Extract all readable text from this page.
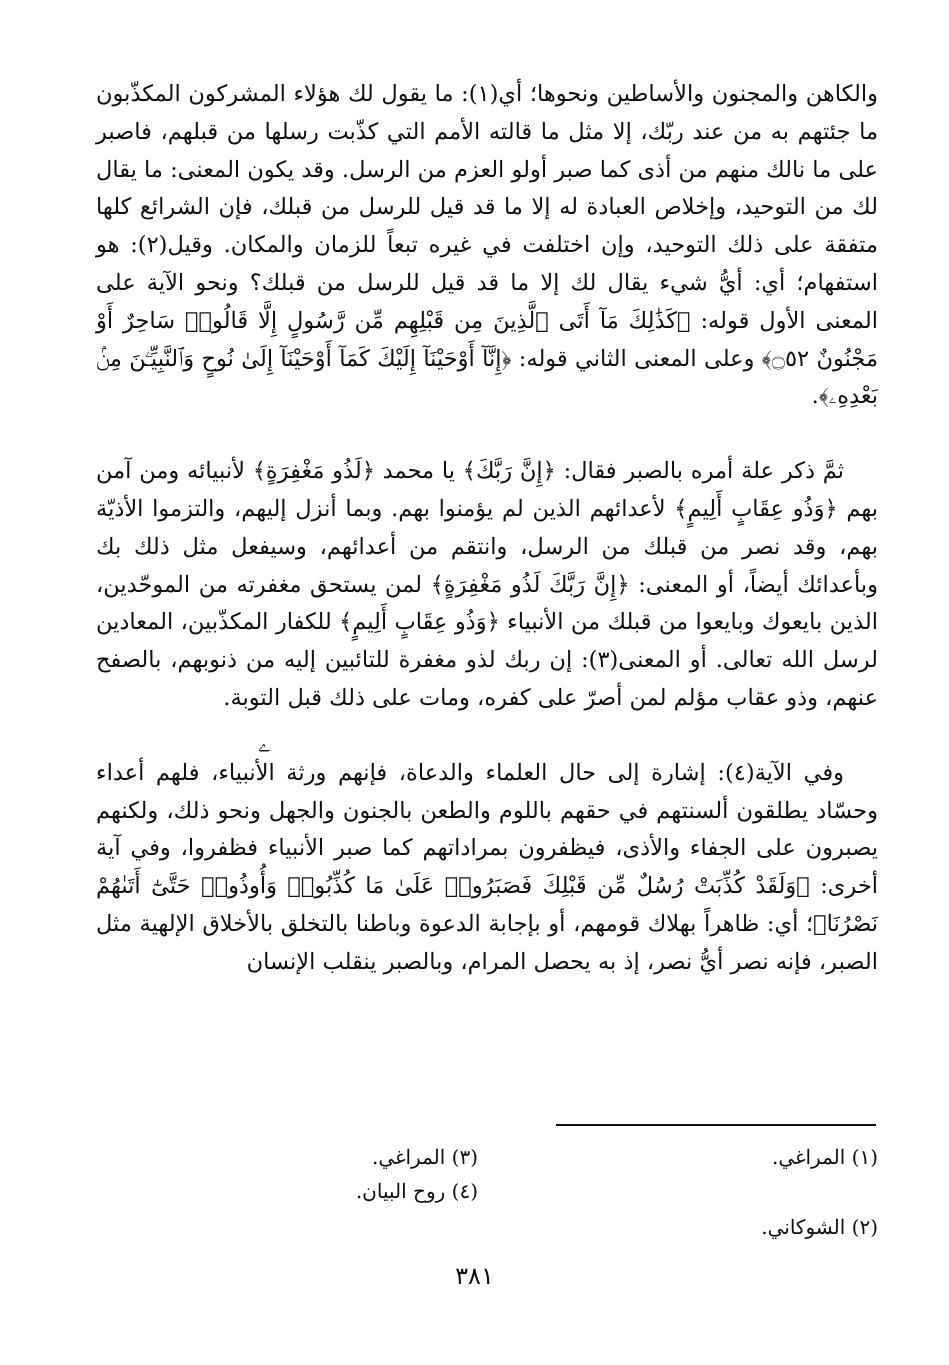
والكاهن والمجنون والأساطين ونحوها؛ أي(١): ما يقول لك هؤلاء المشركون المكذّبون ما جئتهم به من عند ربّك، إلا مثل ما قالته الأمم التي كذّبت رسلها من قبلهم، فاصبر على ما نالك منهم من أذى كما صبر أولو العزم من الرسل. وقد يكون المعنى: ما يقال لك من التوحيد، وإخلاص العبادة له إلا ما قد قيل للرسل من قبلك، فإن الشرائع كلها متفقة على ذلك التوحيد، وإن اختلفت في غيره تبعاً للزمان والمكان. وقيل(٢): هو استفهام؛ أي: أيُّ شيء يقال لك إلا ما قد قيل للرسل من قبلك؟ ونحو الآية على المعنى الأول قوله: ﴿كَذَٰلِكَ مَآ أَتَى ٱلَّذِينَ مِن قَبْلِهِم مِّن رَّسُولٍ إِلَّا قَالُوا۟ سَاحِرٌ أَوْ مَجْنُونٌ ۝٥٢﴾ وعلى المعنى الثاني قوله: ﴿إِنَّآ أَوْحَيْنَآ إِلَيْكَ كَمَآ أَوْحَيْنَآ إِلَىٰ نُوحٍ وَٱلنَّبِيِّـۧنَ مِنۢ بَعْدِهِۦ﴾.

ثمَّ ذكر علة أمره بالصبر فقال: ﴿إِنَّ رَبَّكَ﴾ يا محمد ﴿لَذُو مَغْفِرَةٍ﴾ لأنبيائه ومن آمن بهم ﴿وَذُو عِقَابٍ أَلِيمٍ﴾ لأعدائهم الذين لم يؤمنوا بهم. وبما أنزل إليهم، والتزموا الأذيّة بهم، وقد نصر من قبلك من الرسل، وانتقم من أعدائهم، وسيفعل مثل ذلك بك وبأعدائك أيضاً، أو المعنى: ﴿إِنَّ رَبَّكَ لَذُو مَغْفِرَةٍ﴾ لمن يستحق مغفرته من الموحّدين، الذين بايعوك وبايعوا من قبلك من الأنبياء ﴿وَذُو عِقَابٍ أَلِيمٍ﴾ للكفار المكذّبين، المعادين لرسل الله تعالى. أو المعنى(٣): إن ربك لذو مغفرة للتائبين إليه من ذنوبهم، بالصفح عنهم، وذو عقاب مؤلم لمن أصرّ على كفره، ومات على ذلك قبل التوبة.

وفي الآية(٤): إشارة إلى حال العلماء والدعاة، فإنهم ورثة الأنبياء، فلهم أعداء وحسّاد يطلقون ألسنتهم في حقهم باللوم والطعن بالجنون والجهل ونحو ذلك، ولكنهم يصبرون على الجفاء والأذى، فيظفرون بمراداتهم كما صبر الأنبياء فظفروا، وفي آية أخرى: ﴿وَلَقَدْ كُذِّبَتْ رُسُلٌ مِّن قَبْلِكَ فَصَبَرُوا۟ عَلَىٰ مَا كُذِّبُوا۟ وَأُوذُوا۟ حَتَّىٰٓ أَتَىٰهُمْ نَصْرُنَا﴾؛ أي: ظاهراً بهلاك قومهم، أو بإجابة الدعوة وباطنا بالتخلق بالأخلاق الإلهية مثل الصبر، فإنه نصر أيُّ نصر، إذ به يحصل المرام، وبالصبر ينقلب الإنسان

ﮮ
(١) المراغي.
(٢) الشوكاني.
(٣) المراغي.
(٤) روح البيان.
٣٨١
